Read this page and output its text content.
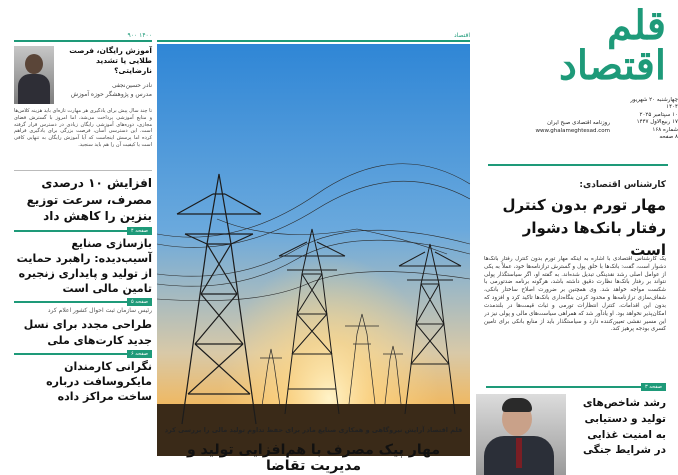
۱۴۰۰ ۹۰۰
آموزش رایگان، فرصت طلایی یا تشدید نارضایتی؟
نادر حسین‌نجفی
مدرس و پژوهشگر حوزه آموزش
تا چند سال پیش برای یادگیری هر مهارت تازه‌ای باید هزینه کلاس‌ها و منابع آموزشی پرداخت می‌شد، اما امروز با گسترش فضای مجازی، دوره‌های آموزشی رایگان زیادی در دسترس قرار گرفته است. این دسترسی آسان، فرصت بزرگی برای یادگیری فراهم کرده اما پرسش اینجاست که آیا آموزش رایگان به تنهایی کافی است یا کیفیت آن را هم باید سنجید.
افزایش ۱۰ درصدی مصرف، سرعت توزیع بنزین را کاهش داد
صفحه ۴
بازسازی صنایع آسیب‌دیده: راهبرد حمایت از تولید و پایداری زنجیره تامین مالی است
صفحه ۵
رئیس سازمان ثبت احوال کشور اعلام کرد
طراحی مجدد برای نسل جدید کارت‌های ملی
صفحه ۶
نگرانی کارمندان مایکروسافت درباره ساخت مراکز داده
اقتصاد
قلم اقتصاد آرایش نیروگاهی و همکاری صنایع مادر برای حفظ تداوم تولید مالی را بررسی کرد
مهار پیک مصرف با هم‌افزایی تولید و مدیریت تقاضا
قلم اقتصاد
چهارشنبه ۲۰ شهریور ۱۴۰۴
۱۰ سپتامبر ۲۰۲۵
۱۷ ربیع‌الاول ۱۴۴۷
شماره ۱۶۸
۸ صفحه
روزنامه اقتصادی صبح ایران www.ghalameghtesad.com
کارشناس اقتصادی:
مهار تورم بدون کنترل رفتار بانک‌ها دشوار است
یک کارشناس اقتصادی با اشاره به اینکه مهار تورم بدون کنترل رفتار بانک‌ها دشوار است، گفت: بانک‌ها با خلق پول و گسترش ترازنامه‌ها خود، عملاً به یکی از عوامل اصلی رشد نقدینگی تبدیل شده‌اند. به گفته او، اگر سیاستگذار پولی نتواند بر رفتار بانک‌ها نظارت دقیق داشته باشد، هرگونه برنامه ضدتورمی با شکست مواجه خواهد شد. وی همچنین بر ضرورت اصلاح ساختار بانکی، شفاف‌سازی ترازنامه‌ها و محدود کردن بنگاه‌داری بانک‌ها تاکید کرد و افزود که بدون این اقدامات، کنترل انتظارات تورمی و ثبات قیمت‌ها در بلندمدت امکان‌پذیر نخواهد بود. او یادآور شد که همراهی سیاست‌های مالی و پولی نیز در این مسیر نقشی تعیین‌کننده دارد و سیاستگذار باید از منابع بانکی برای تامین کسری بودجه پرهیز کند.
صفحه ۳
رشد شاخص‌های تولید و دستیابی به امنیت غذایی در شرایط جنگی
